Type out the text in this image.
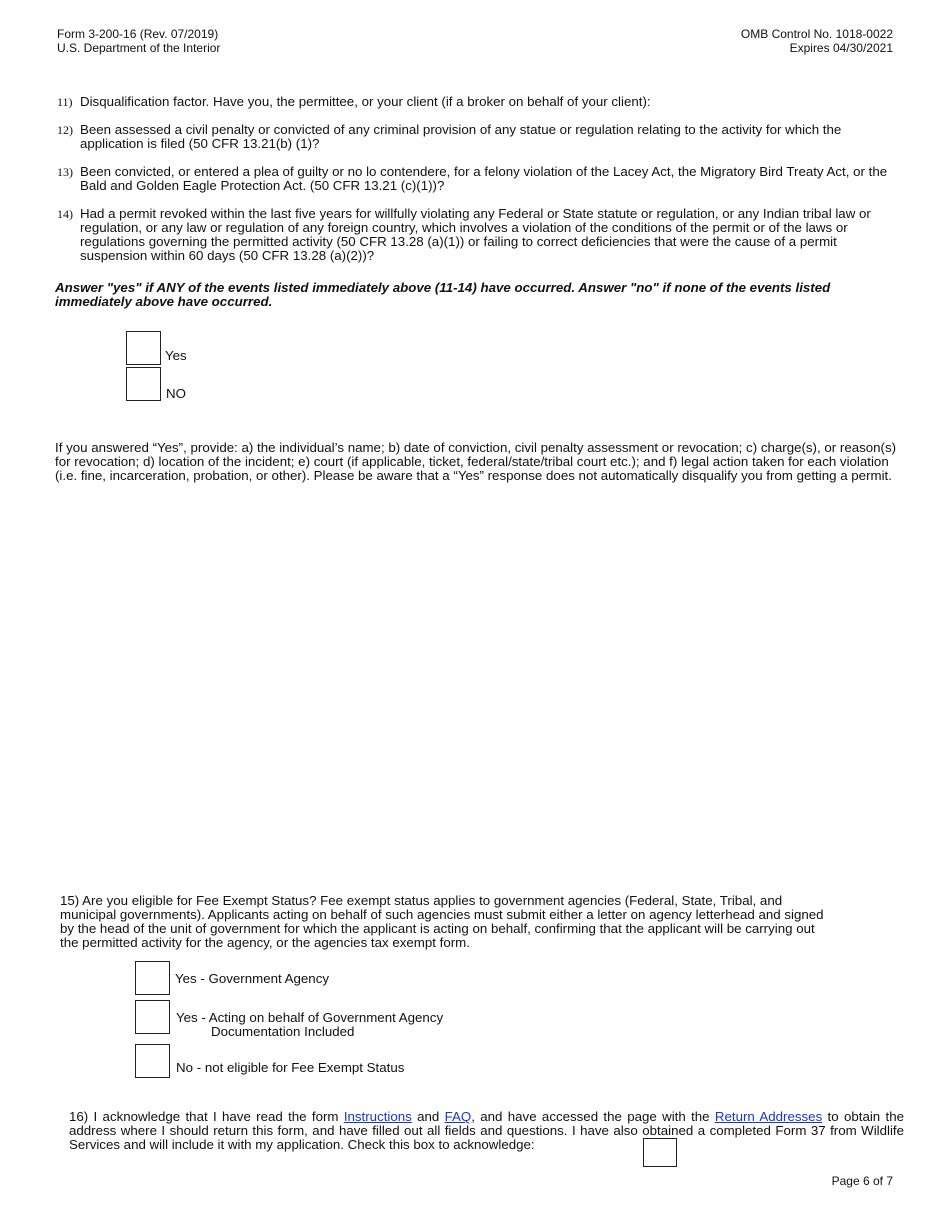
Form 3-200-16 (Rev. 07/2019)
U.S. Department of the Interior
OMB Control No. 1018-0022
Expires 04/30/2021
11) Disqualification factor. Have you, the permittee, or your client (if a broker on behalf of your client):
12) Been assessed a civil penalty or convicted of any criminal provision of any statue or regulation relating to the activity for which the application is filed (50 CFR 13.21(b) (1)?
13) Been convicted, or entered a plea of guilty or no lo contendere, for a felony violation of the Lacey Act, the Migratory Bird Treaty Act, or the Bald and Golden Eagle Protection Act. (50 CFR 13.21 (c)(1))?
14) Had a permit revoked within the last five years for willfully violating any Federal or State statute or regulation, or any Indian tribal law or regulation, or any law or regulation of any foreign country, which involves a violation of the conditions of the permit or of the laws or regulations governing the permitted activity (50 CFR 13.28 (a)(1)) or failing to correct deficiencies that were the cause of a permit suspension within 60 days (50 CFR 13.28 (a)(2))?
Answer "yes" if ANY of the events listed immediately above (11-14) have occurred. Answer "no" if none of the events listed immediately above have occurred.
Yes
NO
If you answered “Yes”, provide: a) the individual’s name; b) date of conviction, civil penalty assessment or revocation; c) charge(s), or reason(s) for revocation; d) location of the incident; e) court (if applicable, ticket, federal/state/tribal court etc.); and f) legal action taken for each violation (i.e. fine, incarceration, probation, or other). Please be aware that a “Yes” response does not automatically disqualify you from getting a permit.
15) Are you eligible for Fee Exempt Status? Fee exempt status applies to government agencies (Federal, State, Tribal, and municipal governments). Applicants acting on behalf of such agencies must submit either a letter on agency letterhead and signed by the head of the unit of government for which the applicant is acting on behalf, confirming that the applicant will be carrying out the permitted activity for the agency, or the agencies tax exempt form.
Yes - Government Agency
Yes - Acting on behalf of Government Agency
Documentation Included
No - not eligible for Fee Exempt Status
16) I acknowledge that I have read the form Instructions and FAQ, and have accessed the page with the Return Addresses to obtain the address where I should return this form, and have filled out all fields and questions. I have also obtained a completed Form 37 from Wildlife Services and will include it with my application. Check this box to acknowledge:
Page 6 of 7
